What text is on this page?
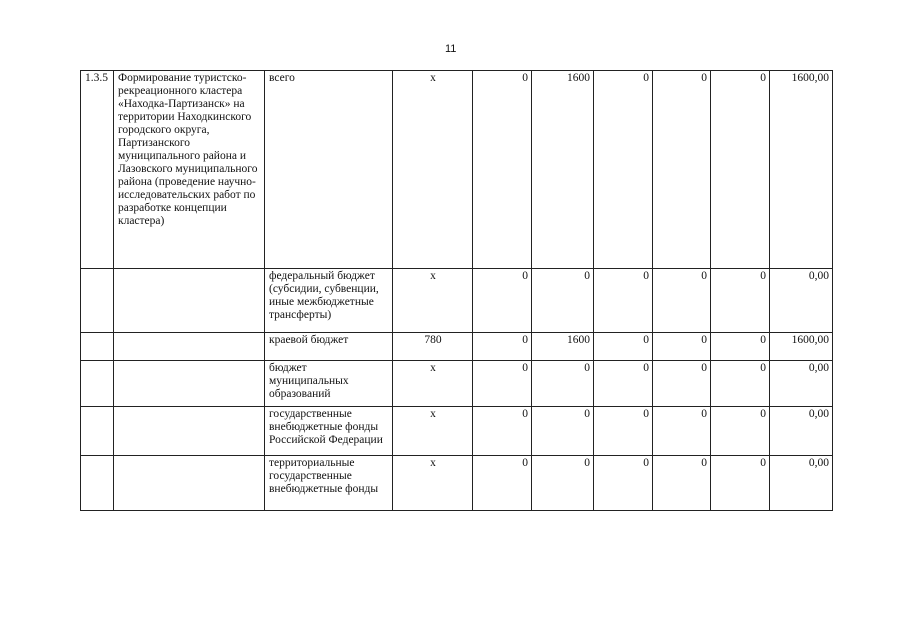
11
1.3.5	Формирование туристско-рекреационного кластера «Находка-Партизанск» на территории Находкинского городского округа, Партизанского муниципального района и Лазовского муниципального района (проведение научно-исследовательских работ по разработке концепции кластера)	всего	х	0	1600	0	0	0	1600,00
		федеральный бюджет (субсидии, субвенции, иные межбюджетные трансферты)	х	0	0	0	0	0	0,00
		краевой бюджет	780	0	1600	0	0	0	1600,00
		бюджет муниципальных образований	х	0	0	0	0	0	0,00
		государственные внебюджетные фонды Российской Федерации	х	0	0	0	0	0	0,00
		территориальные государственные внебюджетные фонды	х	0	0	0	0	0	0,00
